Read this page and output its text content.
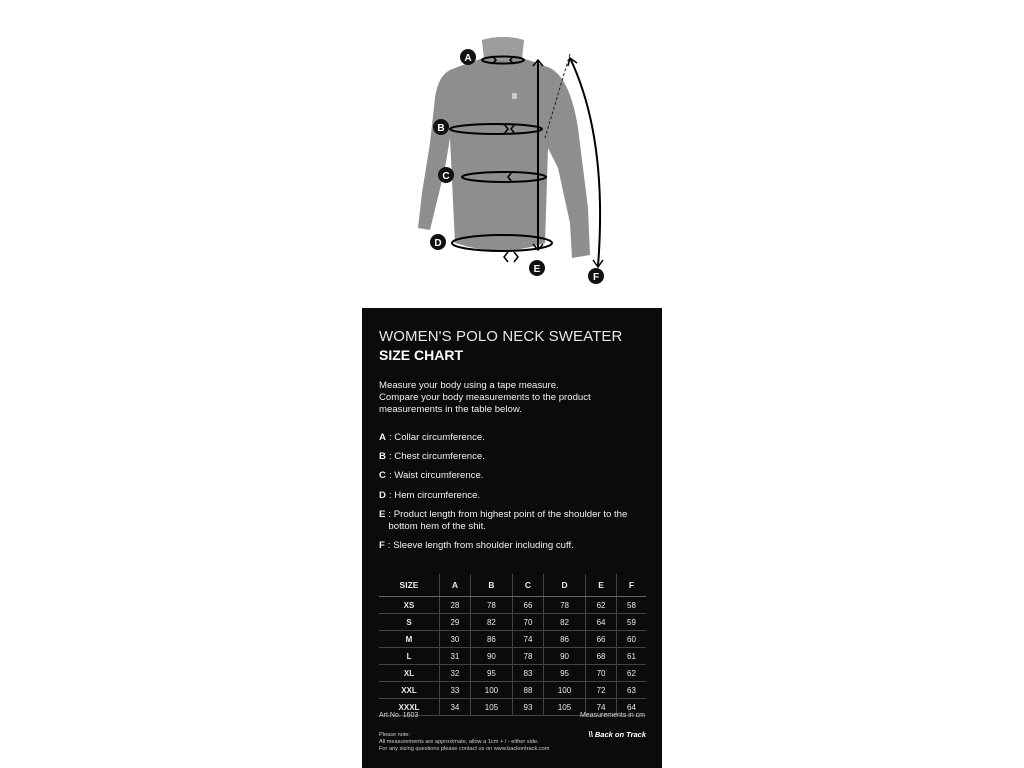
A
B
C
D
E
F
WOMEN'S POLO NECK SWEATER
SIZE CHART
Measure your body using a tape measure.
Compare your body measurements to the product
measurements in the table below.
A : Collar circumference.
B : Chest circumference.
C : Waist circumference.
D : Hem circumference.
E : Product length from highest point of the shoulder to the bottom hem of the shit.
F : Sleeve length from shoulder including cuff.
SIZE	A	B	C	D	E	F
XS	28	78	66	78	62	58
S	29	82	70	82	64	59
M	30	86	74	86	66	60
L	31	90	78	90	68	61
XL	32	95	83	95	70	62
XXL	33	100	88	100	72	63
XXXL	34	105	93	105	74	64
Art.No. 1603	Measurements in cm
Please note:
All measurements are approximate, allow a 1cm + / - either side.
For any sizing questions please contact us on www.backontrack.com
\\ Back on Track
